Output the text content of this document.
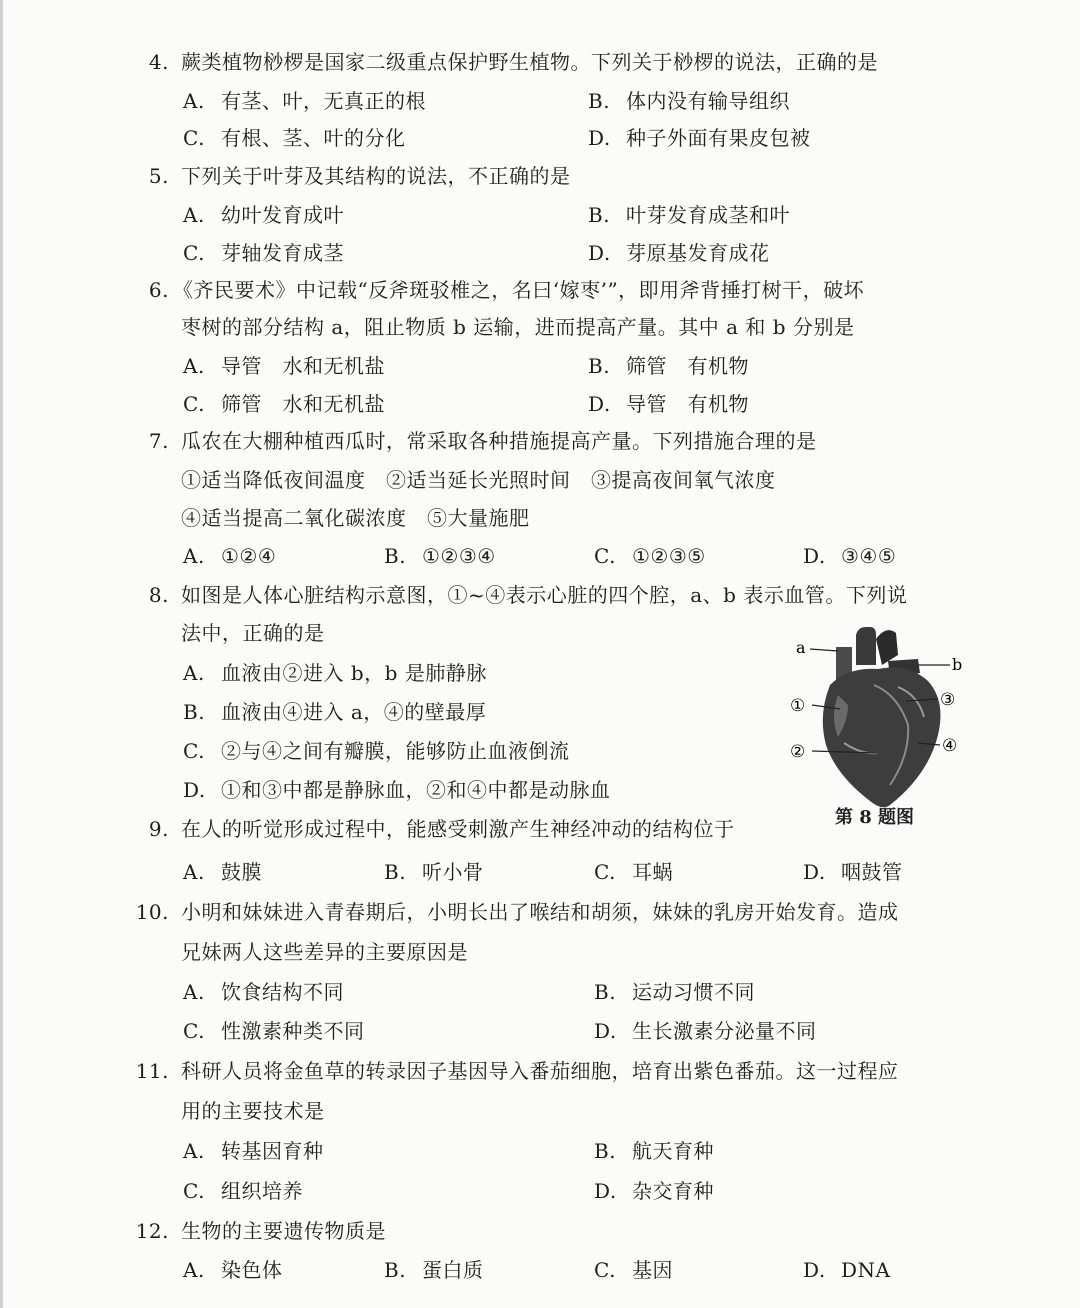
4. 蕨类植物桫椤是国家二级重点保护野生植物。下列关于桫椤的说法，正确的是
A. 有茎、叶，无真正的根	B. 体内没有输导组织
C. 有根、茎、叶的分化	D. 种子外面有果皮包被
5. 下列关于叶芽及其结构的说法，不正确的是
A. 幼叶发育成叶	B. 叶芽发育成茎和叶
C. 芽轴发育成茎	D. 芽原基发育成花
6. 《齐民要术》中记载“反斧斑驳椎之，名曰‘嫁枣’”，即用斧背捶打树干，破坏
枣树的部分结构 a，阻止物质 b 运输，进而提高产量。其中 a 和 b 分别是
A. 导管　水和无机盐	B. 筛管　有机物
C. 筛管　水和无机盐	D. 导管　有机物
7. 瓜农在大棚种植西瓜时，常采取各种措施提高产量。下列措施合理的是
①适当降低夜间温度　②适当延长光照时间　③提高夜间氧气浓度
④适当提高二氧化碳浓度　⑤大量施肥
A. ①②④	B. ①②③④	C. ①②③⑤	D. ③④⑤
8. 如图是人体心脏结构示意图，①~④表示心脏的四个腔，a、b 表示血管。下列说
法中，正确的是
A. 血液由②进入 b，b 是肺静脉
B. 血液由④进入 a，④的壁最厚
C. ②与④之间有瓣膜，能够防止血液倒流
D. ①和③中都是静脉血，②和④中都是动脉血
a
b
①
②
③
④
第 8 题图
9. 在人的听觉形成过程中，能感受刺激产生神经冲动的结构位于
A. 鼓膜	B. 听小骨	C. 耳蜗	D. 咽鼓管
10. 小明和妹妹进入青春期后，小明长出了喉结和胡须，妹妹的乳房开始发育。造成
兄妹两人这些差异的主要原因是
A. 饮食结构不同	B. 运动习惯不同
C. 性激素种类不同	D. 生长激素分泌量不同
11. 科研人员将金鱼草的转录因子基因导入番茄细胞，培育出紫色番茄。这一过程应
用的主要技术是
A. 转基因育种	B. 航天育种
C. 组织培养	D. 杂交育种
12. 生物的主要遗传物质是
A. 染色体	B. 蛋白质	C. 基因	D. DNA
